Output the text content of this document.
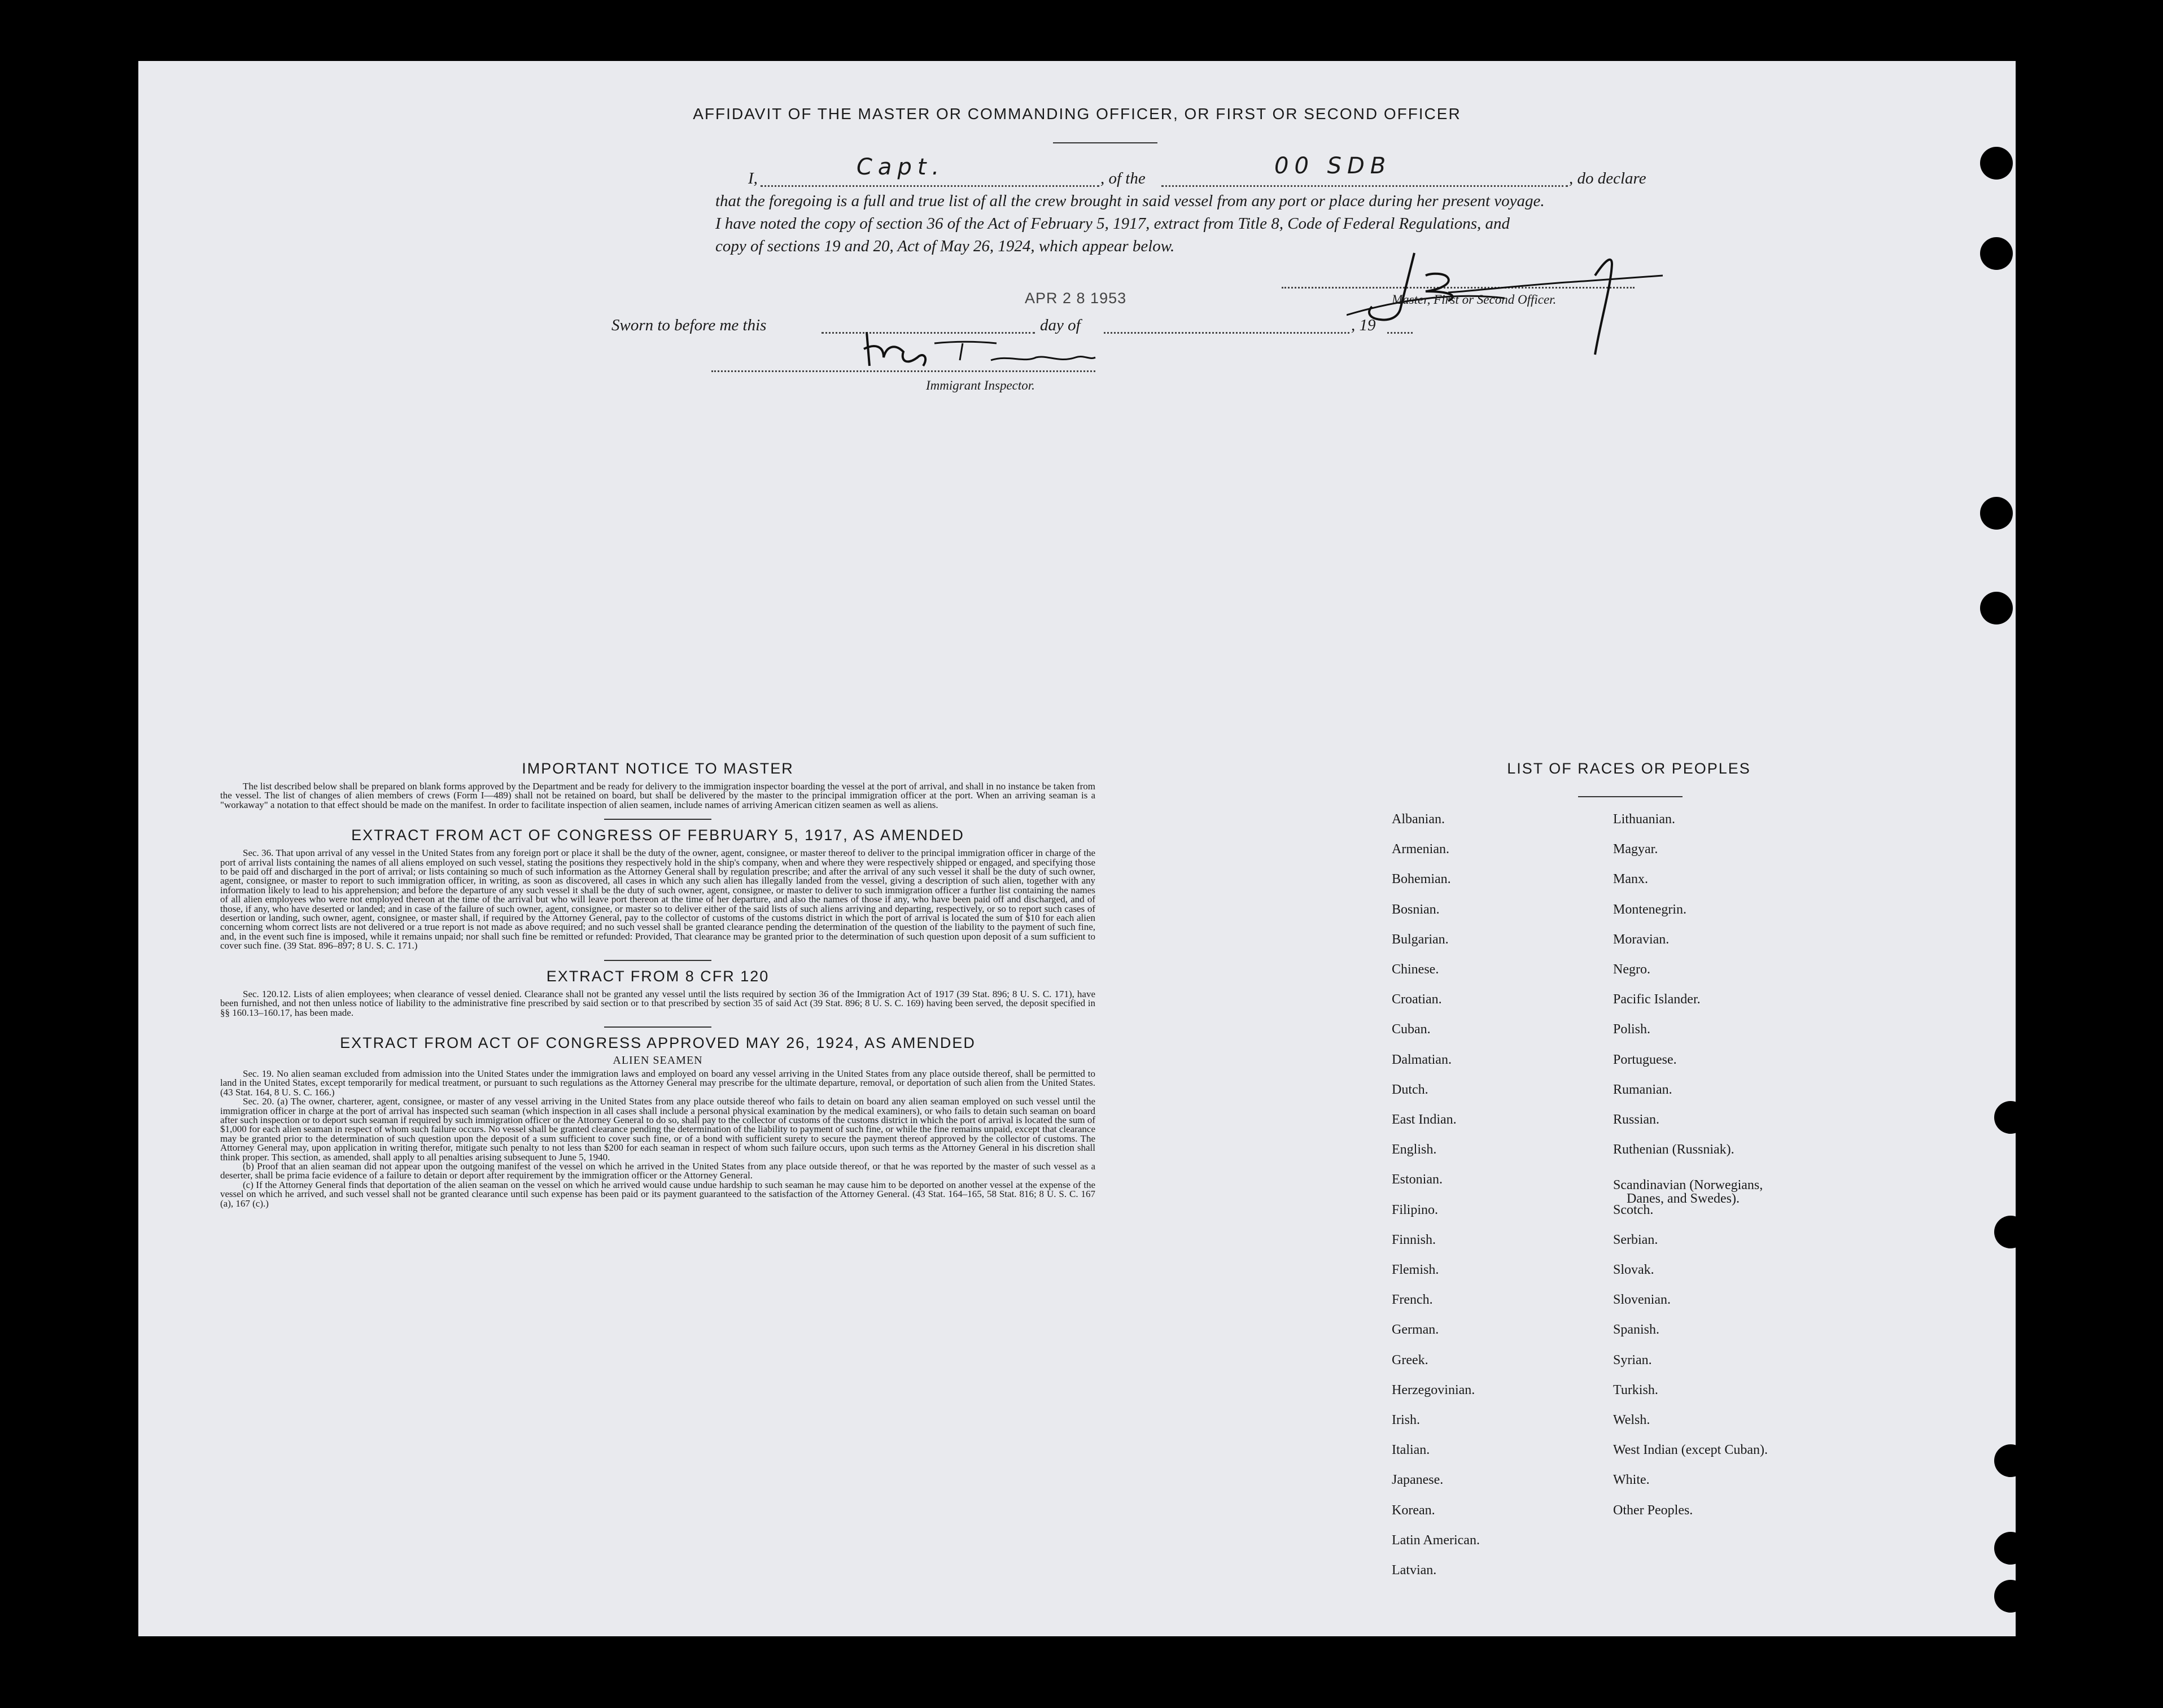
AFFIDAVIT OF THE MASTER OR COMMANDING OFFICER, OR FIRST OR SECOND OFFICER
I,	Capt.	, of the	00 SDB	, do declare
that the foregoing is a full and true list of all the crew brought in said vessel from any port or place during her present voyage.
I have noted the copy of section 36 of the Act of February 5, 1917, extract from Title 8, Code of Federal Regulations, and
copy of sections 19 and 20, Act of May 26, 1924, which appear below.
APR 2 8 1953	Master, First or Second Officer.
Sworn to before me this	day of	, 19
Immigrant Inspector.
IMPORTANT NOTICE TO MASTER
The list described below shall be prepared on blank forms approved by the Department and be ready for delivery to the immigration inspector boarding the vessel at the port of arrival, and shall in no instance be taken from the vessel. The list of changes of alien members of crews (Form I—489) shall not be retained on board, but shall be delivered by the master to the principal immigration officer at the port. When an arriving seaman is a "workaway" a notation to that effect should be made on the manifest. In order to facilitate inspection of alien seamen, include names of arriving American citizen seamen as well as aliens.
EXTRACT FROM ACT OF CONGRESS OF FEBRUARY 5, 1917, AS AMENDED
Sec. 36. That upon arrival of any vessel in the United States from any foreign port or place it shall be the duty of the owner, agent, consignee, or master thereof to deliver to the principal immigration officer in charge of the port of arrival lists containing the names of all aliens employed on such vessel, stating the positions they respectively hold in the ship's company, when and where they were respectively shipped or engaged, and specifying those to be paid off and discharged in the port of arrival; or lists containing so much of such information as the Attorney General shall by regulation prescribe; and after the arrival of any such vessel it shall be the duty of such owner, agent, consignee, or master to report to such immigration officer, in writing, as soon as discovered, all cases in which any such alien has illegally landed from the vessel, giving a description of such alien, together with any information likely to lead to his apprehension; and before the departure of any such vessel it shall be the duty of such owner, agent, consignee, or master to deliver to such immigration officer a further list containing the names of all alien employees who were not employed thereon at the time of the arrival but who will leave port thereon at the time of her departure, and also the names of those if any, who have been paid off and discharged, and of those, if any, who have deserted or landed; and in case of the failure of such owner, agent, consignee, or master so to deliver either of the said lists of such aliens arriving and departing, respectively, or so to report such cases of desertion or landing, such owner, agent, consignee, or master shall, if required by the Attorney General, pay to the collector of customs of the customs district in which the port of arrival is located the sum of $10 for each alien concerning whom correct lists are not delivered or a true report is not made as above required; and no such vessel shall be granted clearance pending the determination of the question of the liability to the payment of such fine, and, in the event such fine is imposed, while it remains unpaid; nor shall such fine be remitted or refunded: Provided, That clearance may be granted prior to the determination of such question upon deposit of a sum sufficient to cover such fine. (39 Stat. 896–897; 8 U. S. C. 171.)
EXTRACT FROM 8 CFR 120
Sec. 120.12. Lists of alien employees; when clearance of vessel denied. Clearance shall not be granted any vessel until the lists required by section 36 of the Immigration Act of 1917 (39 Stat. 896; 8 U. S. C. 171), have been furnished, and not then unless notice of liability to the administrative fine prescribed by said section or to that prescribed by section 35 of said Act (39 Stat. 896; 8 U. S. C. 169) having been served, the deposit specified in §§ 160.13–160.17, has been made.
EXTRACT FROM ACT OF CONGRESS APPROVED MAY 26, 1924, AS AMENDED
ALIEN SEAMEN
Sec. 19. No alien seaman excluded from admission into the United States under the immigration laws and employed on board any vessel arriving in the United States from any place outside thereof, shall be permitted to land in the United States, except temporarily for medical treatment, or pursuant to such regulations as the Attorney General may prescribe for the ultimate departure, removal, or deportation of such alien from the United States. (43 Stat. 164, 8 U. S. C. 166.)
Sec. 20. (a) The owner, charterer, agent, consignee, or master of any vessel arriving in the United States from any place outside thereof who fails to detain on board any alien seaman employed on such vessel until the immigration officer in charge at the port of arrival has inspected such seaman (which inspection in all cases shall include a personal physical examination by the medical examiners), or who fails to detain such seaman on board after such inspection or to deport such seaman if required by such immigration officer or the Attorney General to do so, shall pay to the collector of customs of the customs district in which the port of arrival is located the sum of $1,000 for each alien seaman in respect of whom such failure occurs. No vessel shall be granted clearance pending the determination of the liability to payment of such fine, or while the fine remains unpaid, except that clearance may be granted prior to the determination of such question upon the deposit of a sum sufficient to cover such fine, or of a bond with sufficient surety to secure the payment thereof approved by the collector of customs. The Attorney General may, upon application in writing therefor, mitigate such penalty to not less than $200 for each seaman in respect of whom such failure occurs, upon such terms as the Attorney General in his discretion shall think proper. This section, as amended, shall apply to all penalties arising subsequent to June 5, 1940.
(b) Proof that an alien seaman did not appear upon the outgoing manifest of the vessel on which he arrived in the United States from any place outside thereof, or that he was reported by the master of such vessel as a deserter, shall be prima facie evidence of a failure to detain or deport after requirement by the immigration officer or the Attorney General.
(c) If the Attorney General finds that deportation of the alien seaman on the vessel on which he arrived would cause undue hardship to such seaman he may cause him to be deported on another vessel at the expense of the vessel on which he arrived, and such vessel shall not be granted clearance until such expense has been paid or its payment guaranteed to the satisfaction of the Attorney General. (43 Stat. 164–165, 58 Stat. 816; 8 U. S. C. 167 (a), 167 (c).)
LIST OF RACES OR PEOPLES
Albanian.
Armenian.
Bohemian.
Bosnian.
Bulgarian.
Chinese.
Croatian.
Cuban.
Dalmatian.
Dutch.
East Indian.
English.
Estonian.
Filipino.
Finnish.
Flemish.
French.
German.
Greek.
Herzegovinian.
Irish.
Italian.
Japanese.
Korean.
Latin American.
Latvian.
Lithuanian.
Magyar.
Manx.
Montenegrin.
Moravian.
Negro.
Pacific Islander.
Polish.
Portuguese.
Rumanian.
Russian.
Ruthenian (Russniak).
Scandinavian (Norwegians,
Danes, and Swedes).
Scotch.
Serbian.
Slovak.
Slovenian.
Spanish.
Syrian.
Turkish.
Welsh.
West Indian (except Cuban).
White.
Other Peoples.
